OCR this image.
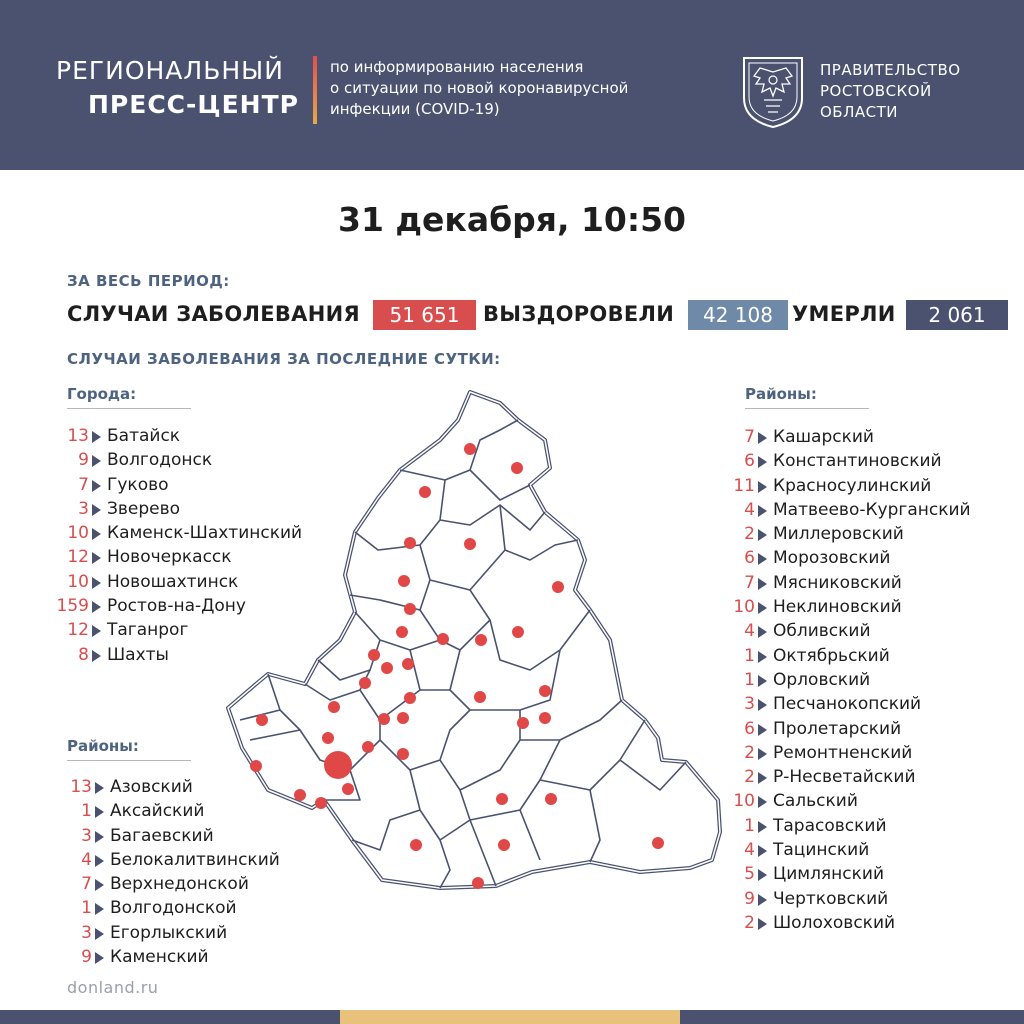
РЕГИОНАЛЬНЫЙ
ПРЕСС-ЦЕНТР
по информированию населения
о ситуации по новой коронавирусной
инфекции (COVID-19)
ПРАВИТЕЛЬСТВО
РОСТОВСКОЙ
ОБЛАСТИ
31 декабря, 10:50
ЗА ВЕСЬ ПЕРИОД:
СЛУЧАИ ЗАБОЛЕВАНИЯ	51 651	ВЫЗДОРОВЕЛИ	42 108 УМЕРЛИ	2 061
СЛУЧАИ ЗАБОЛЕВАНИЯ ЗА ПОСЛЕДНИЕ СУТКИ:
Города:
13 Батайск
9 Волгодонск
7 Гуково
3 Зверево
10 Каменск-Шахтинский
12 Новочеркасск
10 Новошахтинск
159 Ростов-на-Дону
12 Таганрог
8 Шахты
Районы:
13 Азовский
1 Аксайский
3 Багаевский
4 Белокалитвинский
7 Верхнедонской
1 Волгодонской
3 Егорлыкский
9 Каменский
Районы:
7 Кашарский
6 Константиновский
11 Красносулинский
4 Матвеево-Курганский
2 Миллеровский
6 Морозовский
7 Мясниковский
10 Неклиновский
4 Обливский
1 Октябрьский
1 Орловский
3 Песчанокопский
6 Пролетарский
2 Ремонтненский
2 Р-Несветайский
10 Сальский
1 Тарасовский
4 Тацинский
5 Цимлянский
9 Чертковский
2 Шолоховский
donland.ru
